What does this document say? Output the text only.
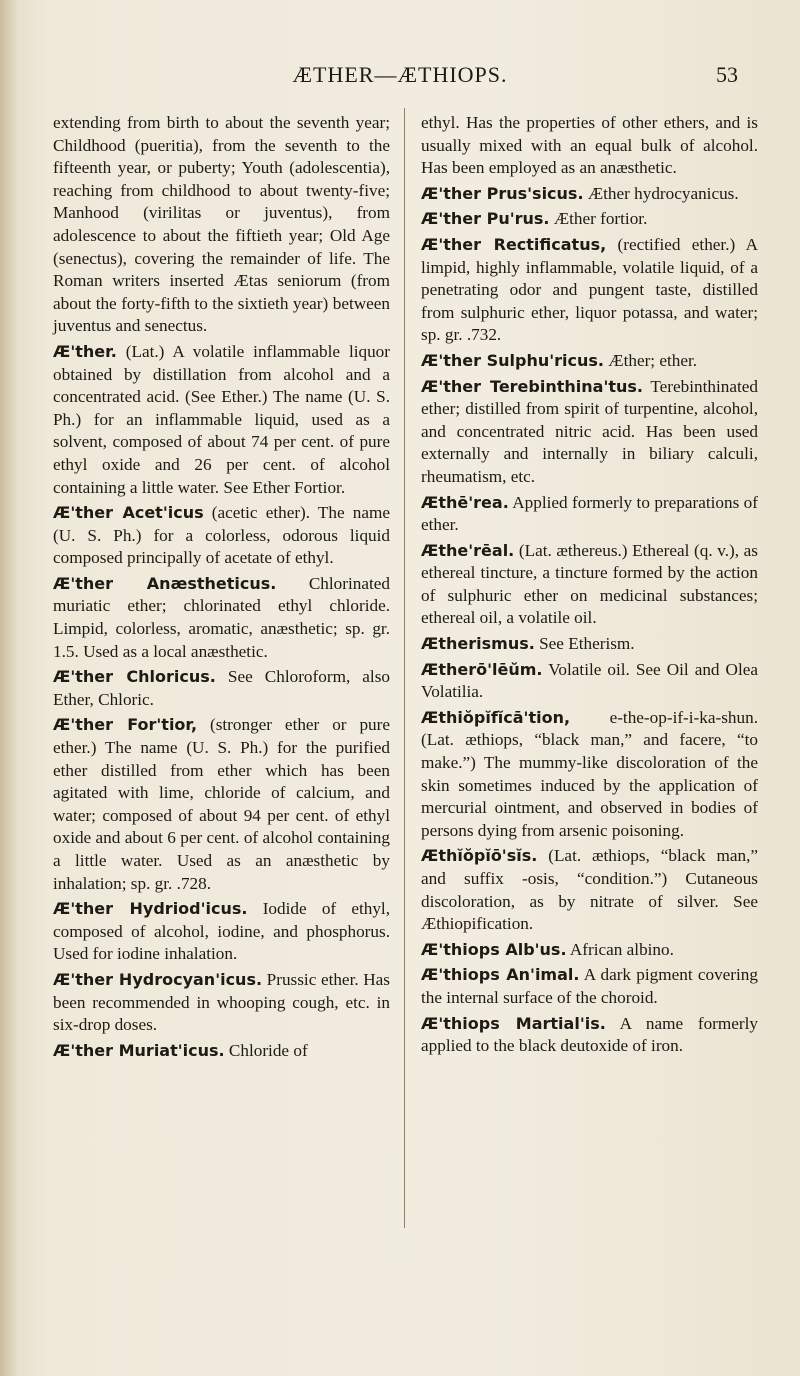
ÆTHER—ÆTHIOPS.	53

extending from birth to about the seventh year; Childhood (pueritia), from the seventh to the fifteenth year, or puberty; Youth (adolescentia), reaching from childhood to about twenty-five; Manhood (virilitas or juventus), from adolescence to about the fiftieth year; Old Age (senectus), covering the remainder of life. The Roman writers inserted Ætas seniorum (from about the forty-fifth to the sixtieth year) between juventus and senectus.

Æ'ther. (Lat.) A volatile inflammable liquor obtained by distillation from alcohol and a concentrated acid. (See Ether.) The name (U. S. Ph.) for an inflammable liquid, used as a solvent, composed of about 74 per cent. of pure ethyl oxide and 26 per cent. of alcohol containing a little water. See Ether Fortior.

Æ'ther Acet'icus (acetic ether). The name (U. S. Ph.) for a colorless, odorous liquid composed principally of acetate of ethyl.

Æ'ther Anæstheticus. Chlorinated muriatic ether; chlorinated ethyl chloride. Limpid, colorless, aromatic, anæsthetic; sp. gr. 1.5. Used as a local anæsthetic.

Æ'ther Chloricus. See Chloroform, also Ether, Chloric.

Æ'ther For'tior, (stronger ether or pure ether.) The name (U. S. Ph.) for the purified ether distilled from ether which has been agitated with lime, chloride of calcium, and water; composed of about 94 per cent. of ethyl oxide and about 6 per cent. of alcohol containing a little water. Used as an anæsthetic by inhalation; sp. gr. .728.

Æ'ther Hydriod'icus. Iodide of ethyl, composed of alcohol, iodine, and phosphorus. Used for iodine inhalation.

Æ'ther Hydrocyan'icus. Prussic ether. Has been recommended in whooping cough, etc. in six-drop doses.

Æ'ther Muriat'icus. Chloride of

ethyl. Has the properties of other ethers, and is usually mixed with an equal bulk of alcohol. Has been employed as an anæsthetic.

Æ'ther Prus'sicus. Æther hydrocyanicus.

Æ'ther Pu'rus. Æther fortior.

Æ'ther Rectificatus, (rectified ether.) A limpid, highly inflammable, volatile liquid, of a penetrating odor and pungent taste, distilled from sulphuric ether, liquor potassa, and water; sp. gr. .732.

Æ'ther Sulphu'ricus. Æther; ether.

Æ'ther Terebinthina'tus. Terebinthinated ether; distilled from spirit of turpentine, alcohol, and concentrated nitric acid. Has been used externally and internally in biliary calculi, rheumatism, etc.

Æthē'rea. Applied formerly to preparations of ether.

Æthe'rēal. (Lat. æthereus.) Ethereal (q. v.), as ethereal tincture, a tincture formed by the action of sulphuric ether on medicinal substances; ethereal oil, a volatile oil.

Ætherismus. See Etherism.

Ætherō'lēŭm. Volatile oil. See Oil and Olea Volatilia.

Æthiŏpĭfĭcā'tion, e-the-op-if-i-ka-shun. (Lat. æthiops, “black man,” and facere, “to make.”) The mummy-like discoloration of the skin sometimes induced by the application of mercurial ointment, and observed in bodies of persons dying from arsenic poisoning.

Æthĭŏpĭō'sĭs. (Lat. æthiops, “black man,” and suffix -osis, “condition.”) Cutaneous discoloration, as by nitrate of silver. See Æthiopification.

Æ'thiops Alb'us. African albino.

Æ'thiops An'imal. A dark pigment covering the internal surface of the choroid.

Æ'thiops Martial'is. A name formerly applied to the black deutoxide of iron.
